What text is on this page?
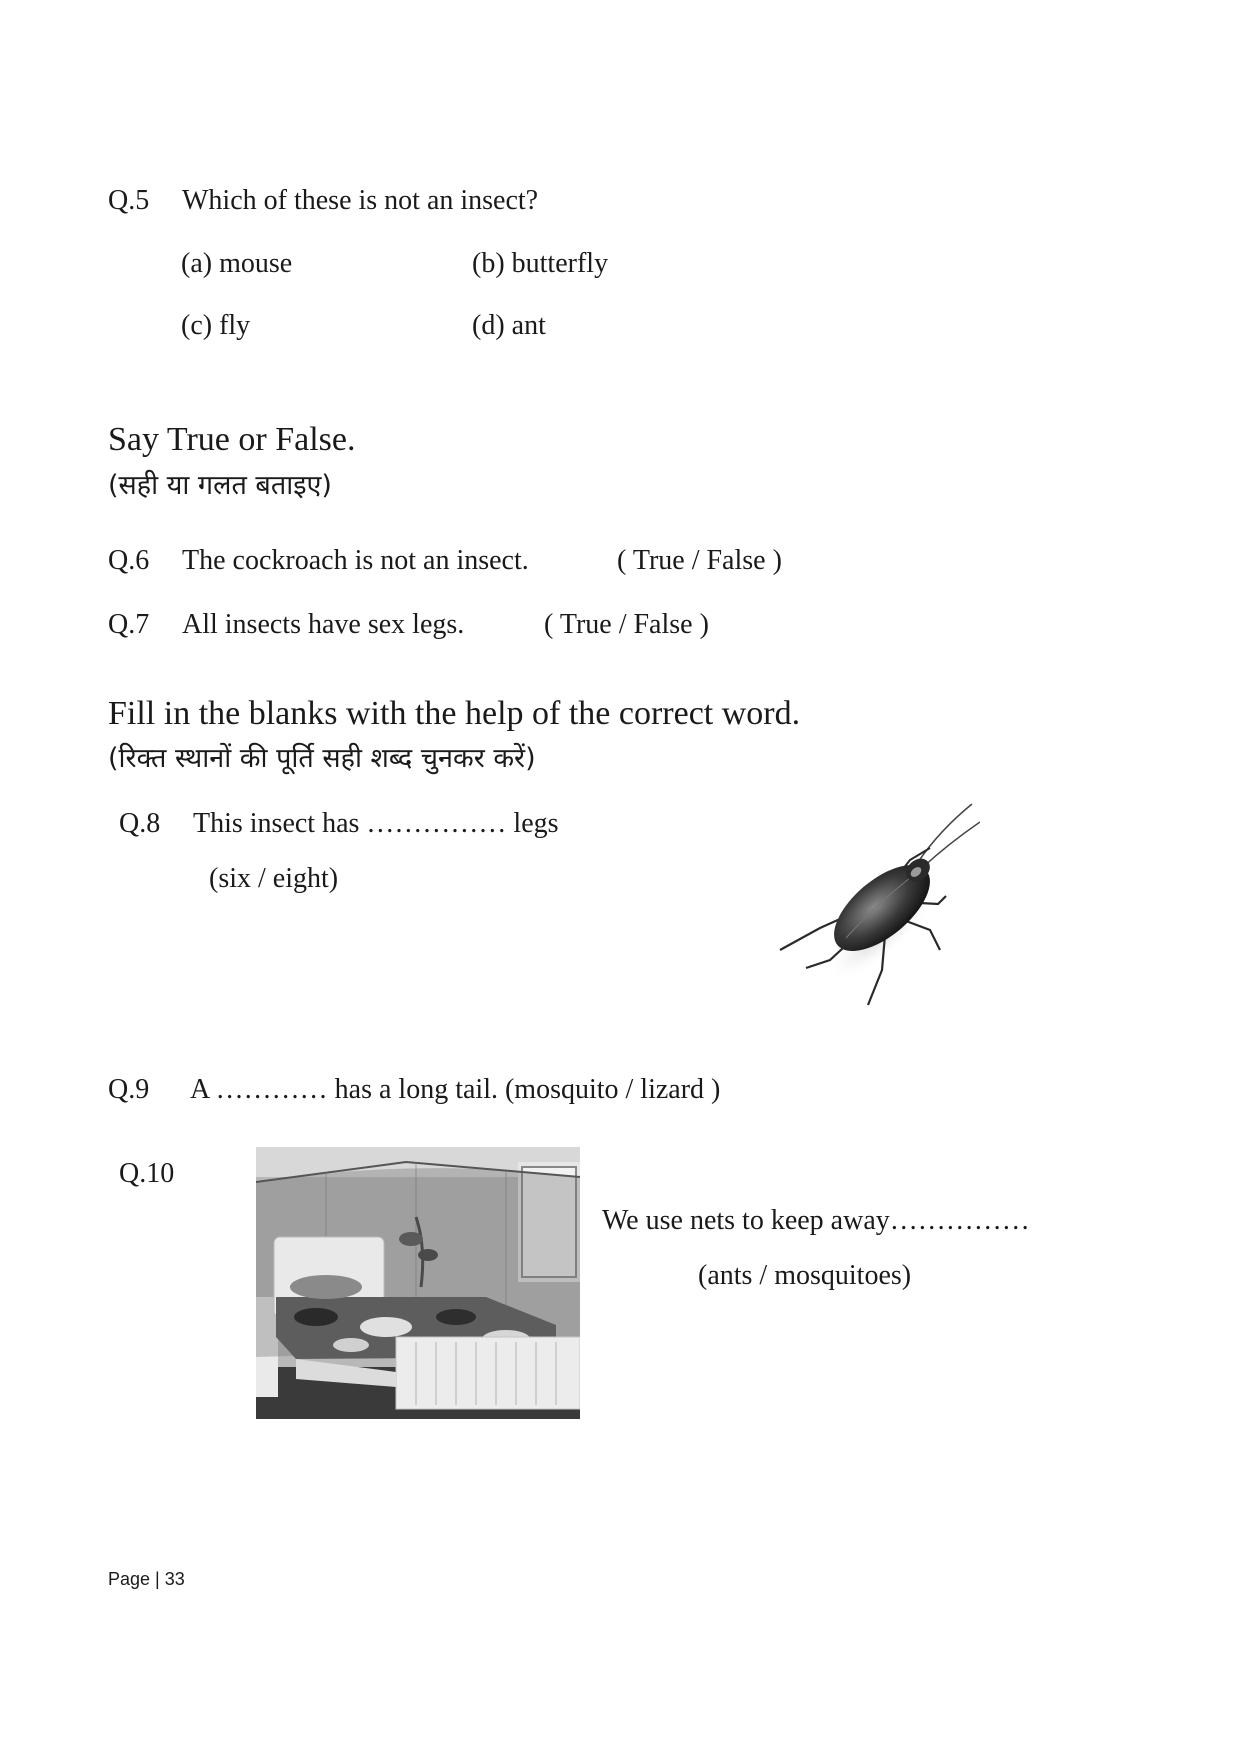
Q.5 Which of these is not an insect?
(a) mouse	(b) butterfly
(c) fly	(d) ant
Say True or False.
(सही या गलत बताइए)
Q.6 The cockroach is not an insect.	( True / False )
Q.7 All insects have sex legs.	( True / False )
Fill in the blanks with the help of the correct word.
(रिक्त स्थानों की पूर्ति सही शब्द चुनकर करें)
Q.8 This insect has …………… legs
(six / eight)
Q.9 A ………… has a long tail. (mosquito / lizard )
Q.10
We use nets to keep away……………
(ants / mosquitoes)
Page | 33
